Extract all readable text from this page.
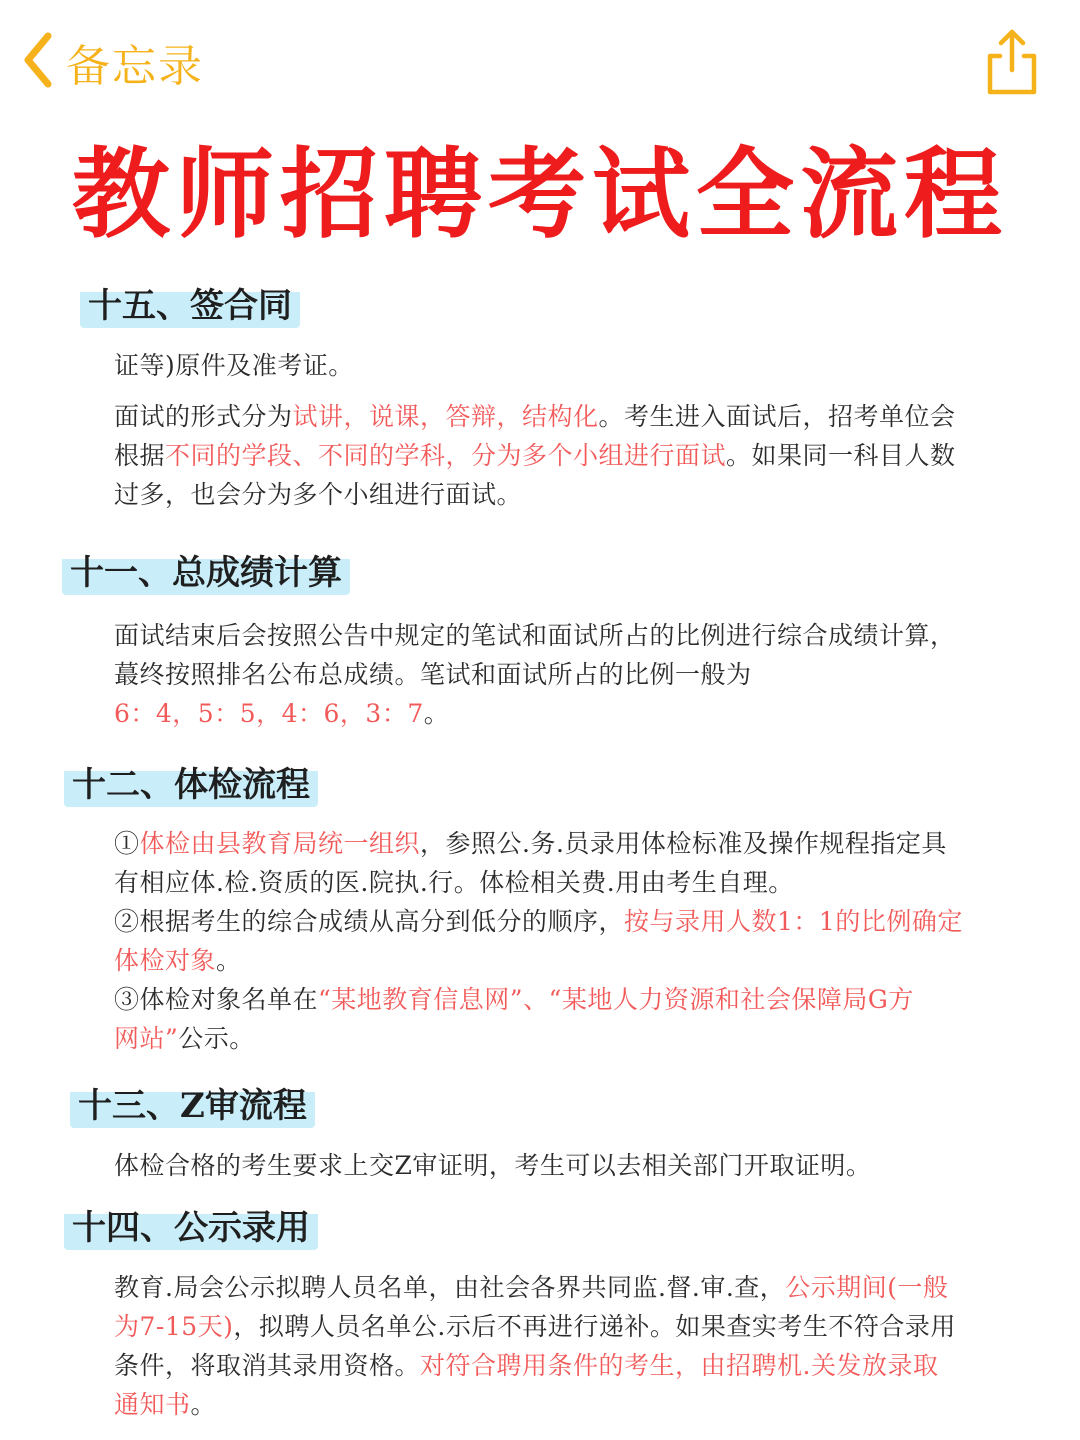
备忘录
教师招聘考试全流程
十五、签合同
证等)原件及准考证。
面试的形式分为试讲，说课，答辩，结构化。考生进入面试后，招考单位会
根据不同的学段、不同的学科，分为多个小组进行面试。如果同一科目人数
过多，也会分为多个小组进行面试。
十一、总成绩计算
面试结束后会按照公告中规定的笔试和面试所占的比例进行综合成绩计算，
蕞终按照排名公布总成绩。笔试和面试所占的比例一般为
6：4，5：5，4：6，3：7。
十二、体检流程
①体检由县教育局统一组织，参照公.务.员录用体检标准及操作规程指定具
有相应体.检.资质的医.院执.行。体检相关费.用由考生自理。
②根据考生的综合成绩从高分到低分的顺序，按与录用人数1：1的比例确定
体检对象。
③体检对象名单在“某地教育信息网”、“某地人力资源和社会保障局G方
网站”公示。
十三、Z审流程
体检合格的考生要求上交Z审证明，考生可以去相关部门开取证明。
十四、公示录用
教育.局会公示拟聘人员名单，由社会各界共同监.督.审.查，公示期间(一般
为7-15天)，拟聘人员名单公.示后不再进行递补。如果查实考生不符合录用
条件，将取消其录用资格。对符合聘用条件的考生，由招聘机.关发放录取
通知书。
